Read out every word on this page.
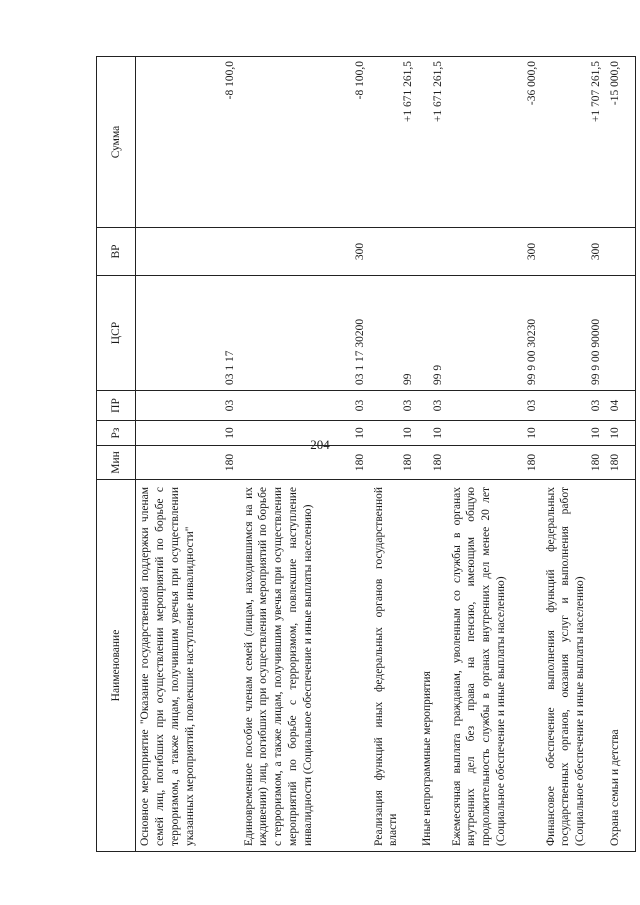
204
Наименование	Мин	Рз	ПР	ЦСР	ВР	Сумма
Основное мероприятие "Оказание государственной поддержки членам семей лиц, погибших при осуществлении мероприятий по борьбе с терроризмом, а также лицам, получившим увечья при осуществлении указанных мероприятий, повлекшие наступление инвалидности"	180	10	03	03 1 17		-8 100,0
Единовременное пособие членам семей (лицам, находившимся на их иждивении) лиц, погибших при осуществлении мероприятий по борьбе с терроризмом, а также лицам, получившим увечья при осуществлении мероприятий по борьбе с терроризмом, повлекшие наступление инвалидности (Социальное обеспечение и иные выплаты населению)	180	10	03	03 1 17 30200	300	-8 100,0
Реализация функций иных федеральных органов государственной власти	180	10	03	99		+1 671 261,5
Иные непрограммные мероприятия	180	10	03	99 9		+1 671 261,5
Ежемесячная выплата гражданам, уволенным со службы в органах внутренних дел без права на пенсию, имеющим общую продолжительность службы в органах внутренних дел менее 20 лет (Социальное обеспечение и иные выплаты населению)	180	10	03	99 9 00 30230	300	-36 000,0
Финансовое обеспечение выполнения функций федеральных государственных органов, оказания услуг и выполнения работ (Социальное обеспечение и иные выплаты населению)	180	10	03	99 9 00 90000	300	+1 707 261,5
Охрана семьи и детства	180	10	04			-15 000,0
